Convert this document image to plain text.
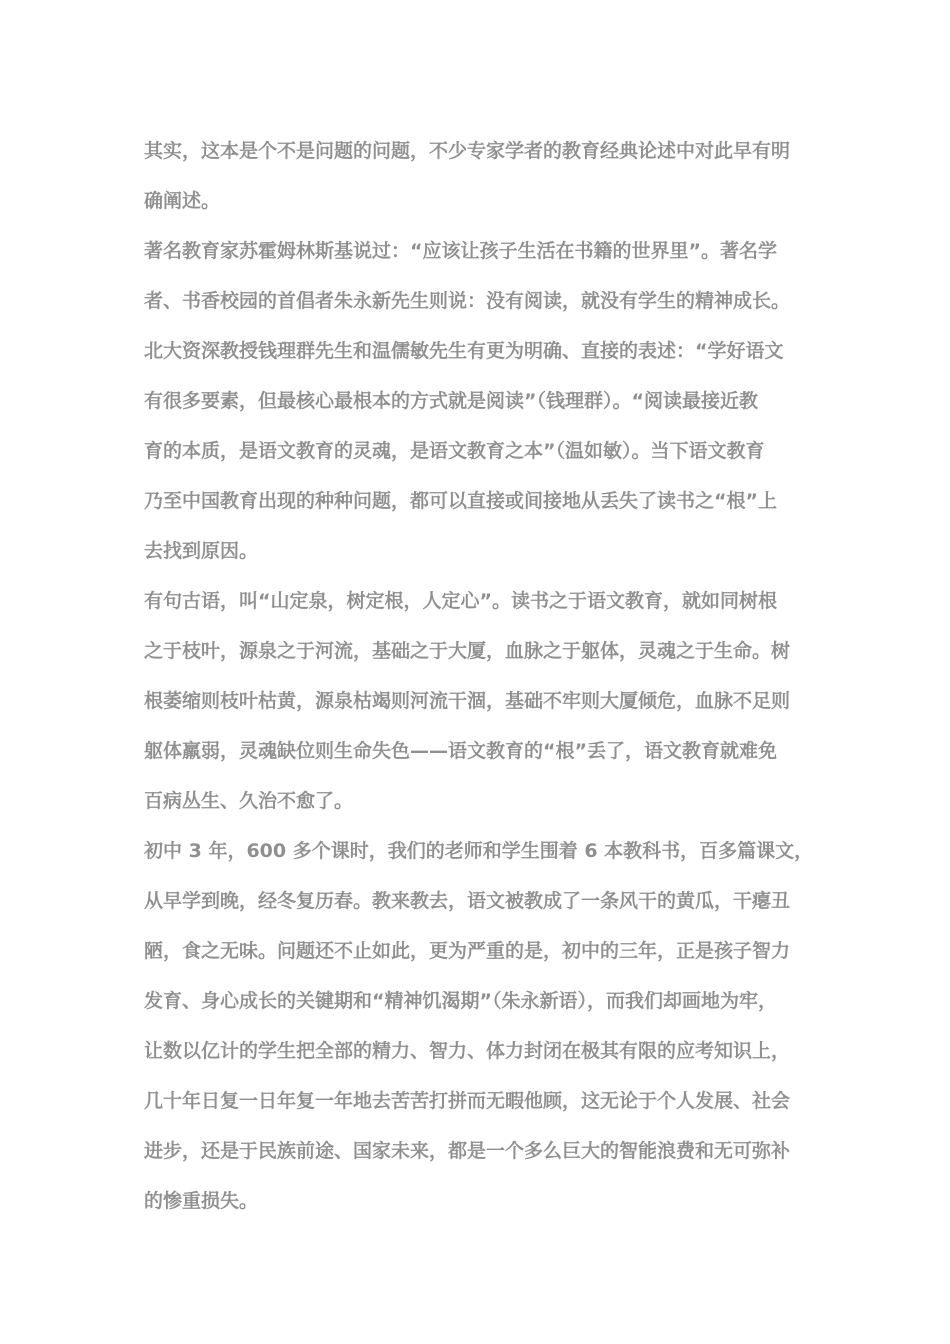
其实，这本是个不是问题的问题，不少专家学者的教育经典论述中对此早有明
确阐述。
著名教育家苏霍姆林斯基说过：“应该让孩子生活在书籍的世界里”。著名学
者、书香校园的首倡者朱永新先生则说：没有阅读，就没有学生的精神成长。
北大资深教授钱理群先生和温儒敏先生有更为明确、直接的表述：“学好语文
有很多要素，但最核心最根本的方式就是阅读”（钱理群）。“阅读最接近教
育的本质，是语文教育的灵魂，是语文教育之本”（温如敏）。当下语文教育
乃至中国教育出现的种种问题，都可以直接或间接地从丢失了读书之“根”上
去找到原因。
有句古语，叫“山定泉，树定根，人定心”。读书之于语文教育，就如同树根
之于枝叶，源泉之于河流，基础之于大厦，血脉之于躯体，灵魂之于生命。树
根萎缩则枝叶枯黄，源泉枯竭则河流干涸，基础不牢则大厦倾危，血脉不足则
躯体羸弱，灵魂缺位则生命失色——语文教育的“根”丢了，语文教育就难免
百病丛生、久治不愈了。
初中 3 年，600 多个课时，我们的老师和学生围着 6 本教科书，百多篇课文，
从早学到晚，经冬复历春。教来教去，语文被教成了一条风干的黄瓜，干瘪丑
陋，食之无味。问题还不止如此，更为严重的是，初中的三年，正是孩子智力
发育、身心成长的关键期和“精神饥渴期”（朱永新语），而我们却画地为牢，
让数以亿计的学生把全部的精力、智力、体力封闭在极其有限的应考知识上，
几十年日复一日年复一年地去苦苦打拼而无暇他顾，这无论于个人发展、社会
进步，还是于民族前途、国家未来，都是一个多么巨大的智能浪费和无可弥补
的惨重损失。
